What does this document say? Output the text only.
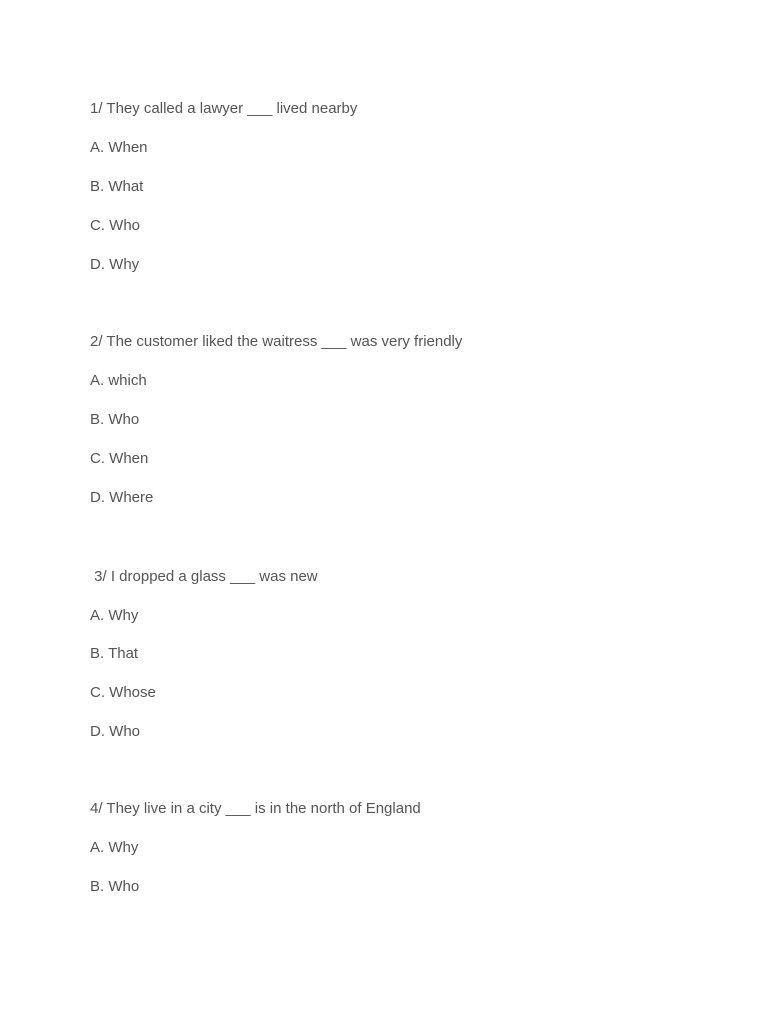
1/ They called a lawyer ___ lived nearby

A. When

B. What

C. Who

D. Why

2/ The customer liked the waitress ___ was very friendly

A. which

B. Who

C. When

D. Where

3/ I dropped a glass ___ was new

A. Why

B. That

C. Whose

D. Who

4/ They live in a city ___ is in the north of England

A. Why

B. Who
